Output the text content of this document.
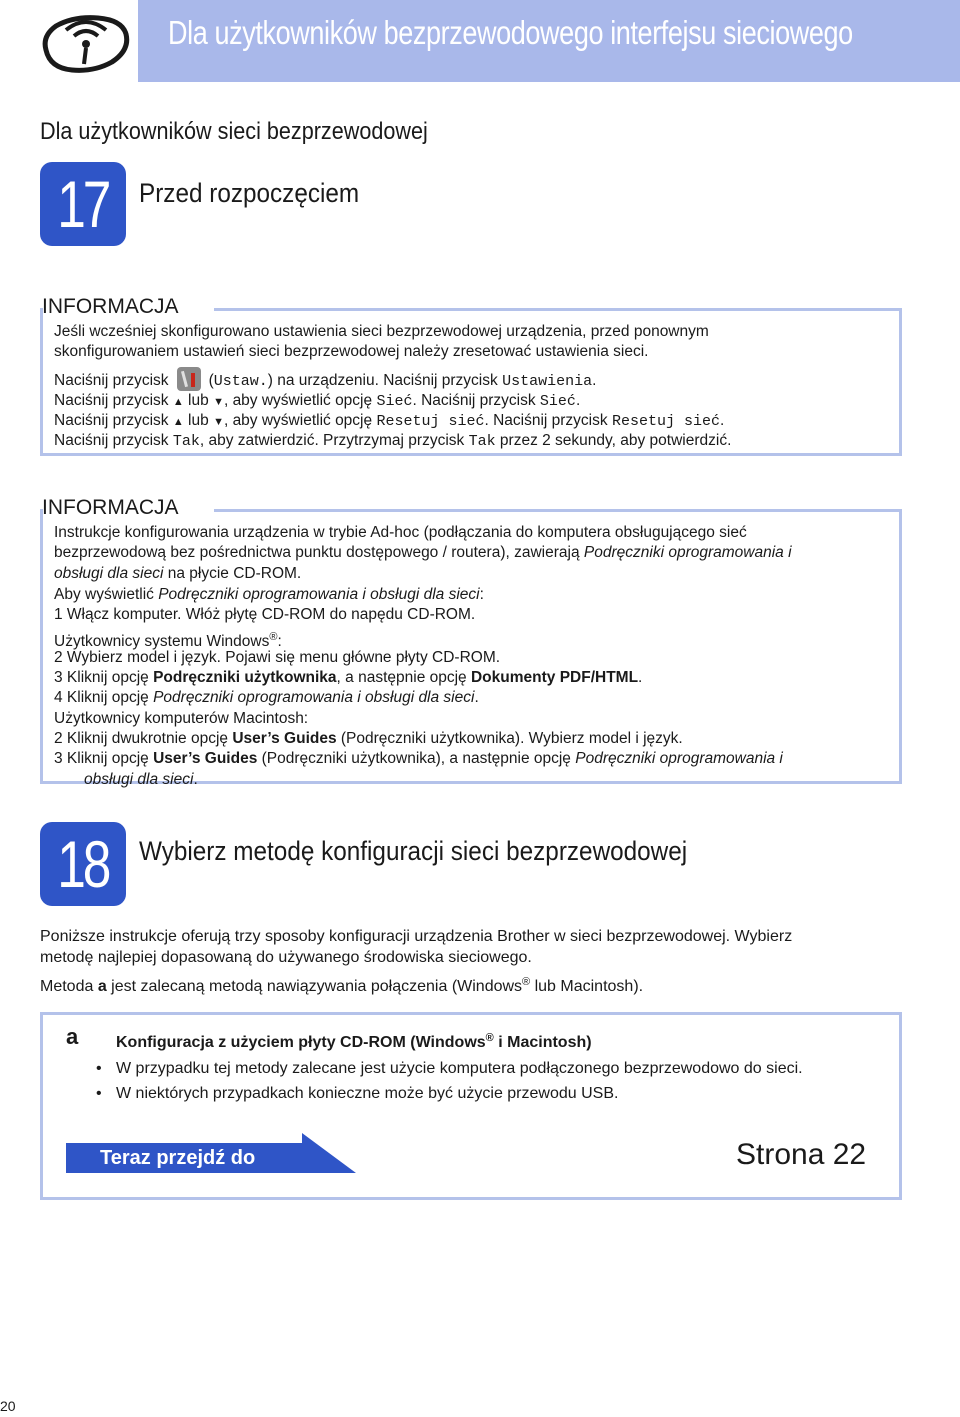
Dla użytkowników bezprzewodowego interfejsu sieciowego
Dla użytkowników sieci bezprzewodowej
17	Przed rozpoczęciem
INFORMACJA
Jeśli wcześniej skonfigurowano ustawienia sieci bezprzewodowej urządzenia, przed ponownym
skonfigurowaniem ustawień sieci bezprzewodowej należy zresetować ustawienia sieci.
Naciśnij przycisk	(Ustaw.) na urządzeniu. Naciśnij przycisk Ustawienia.
Naciśnij przycisk ▲ lub ▼, aby wyświetlić opcję Sieć. Naciśnij przycisk Sieć.
Naciśnij przycisk ▲ lub ▼, aby wyświetlić opcję Resetuj sieć. Naciśnij przycisk Resetuj sieć.
Naciśnij przycisk Tak, aby zatwierdzić. Przytrzymaj przycisk Tak przez 2 sekundy, aby potwierdzić.
INFORMACJA
Instrukcje konfigurowania urządzenia w trybie Ad-hoc (podłączania do komputera obsługującego sieć
bezprzewodową bez pośrednictwa punktu dostępowego / routera), zawierają Podręczniki oprogramowania i
obsługi dla sieci na płycie CD-ROM.
Aby wyświetlić Podręczniki oprogramowania i obsługi dla sieci:
1 Włącz komputer. Włóż płytę CD-ROM do napędu CD-ROM.
Użytkownicy systemu Windows®:
2 Wybierz model i język. Pojawi się menu główne płyty CD-ROM.
3 Kliknij opcję Podręczniki użytkownika, a następnie opcję Dokumenty PDF/HTML.
4 Kliknij opcję Podręczniki oprogramowania i obsługi dla sieci.
Użytkownicy komputerów Macintosh:
2 Kliknij dwukrotnie opcję User’s Guides (Podręczniki użytkownika). Wybierz model i język.
3 Kliknij opcję User’s Guides (Podręczniki użytkownika), a następnie opcję Podręczniki oprogramowania i
obsługi dla sieci.
18	Wybierz metodę konfiguracji sieci bezprzewodowej
Poniższe instrukcje oferują trzy sposoby konfiguracji urządzenia Brother w sieci bezprzewodowej. Wybierz
metodę najlepiej dopasowaną do używanego środowiska sieciowego.
Metoda a jest zalecaną metodą nawiązywania połączenia (Windows® lub Macintosh).
a Konfiguracja z użyciem płyty CD-ROM (Windows® i Macintosh)
• W przypadku tej metody zalecane jest użycie komputera podłączonego bezprzewodowo do sieci.
• W niektórych przypadkach konieczne może być użycie przewodu USB.
Teraz przejdź do	Strona 22
20
